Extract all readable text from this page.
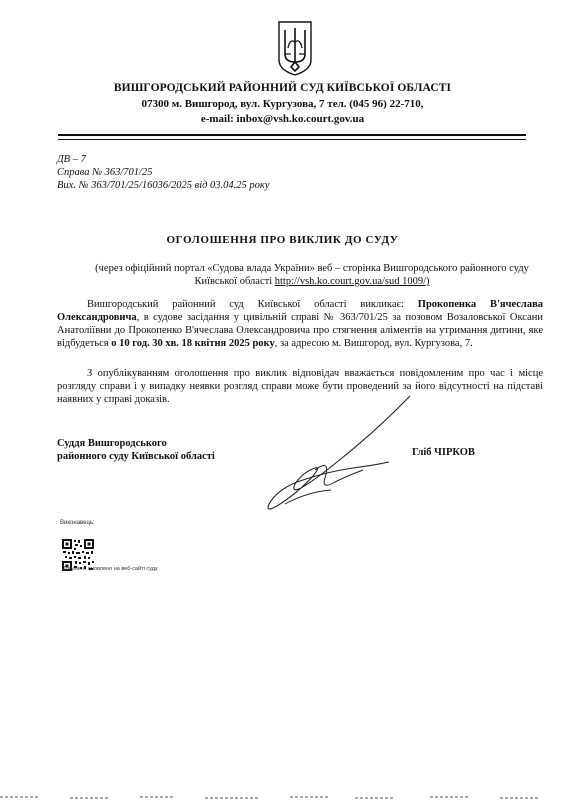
ВИШГОРОДСЬКИЙ РАЙОННИЙ СУД КИЇВСЬКОЇ ОБЛАСТІ
07300 м. Вишгород, вул. Кургузова, 7 тел. (045 96) 22-710,
e-mail: inbox@vsh.ko.court.gov.ua
ДВ – 7
Справа № 363/701/25
Вих. № 363/701/25/16036/2025 від 03.04.25 року
ОГОЛОШЕННЯ ПРО ВИКЛИК ДО СУДУ
(через офіційний портал «Судова влада України» веб – сторінка Вишгородського районного суду Київської області http://vsh.ko.court.gov.ua/sud 1009/)
Вишгородський районний суд Київської області викликає: Прокопенка В'ячеслава Олександровича, в судове засідання у цивільній справі № 363/701/25 за позовом Возаловської Оксани Анатоліївни до Прокопенко В'ячеслава Олександровича про стягнення аліментів на утримання дитини, яке відбудеться о 10 год. 30 хв. 18 квітня 2025 року, за адресою м. Вишгород, вул. Кургузова, 7.
З опублікуванням оголошення про виклик відповідач вважається повідомленим про час і місце розгляду справи і у випадку неявки розгляд справи може бути проведений за його відсутності на підставі наявних у справі доказів.
Суддя Вишгородського
районного суду Київської області	Гліб ЧІРКОВ
Виконавець:
Документ оновлено на веб-сайті суду
